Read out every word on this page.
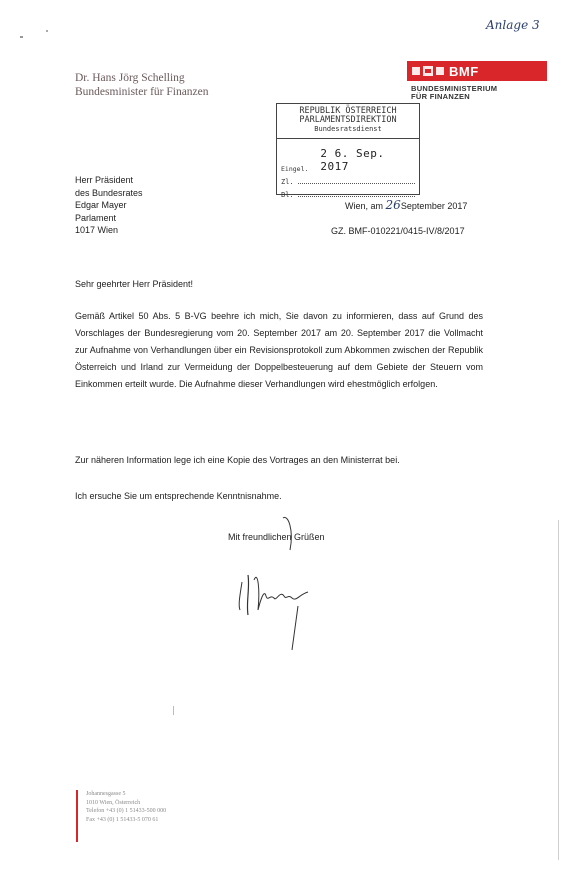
Anlage 3
Dr. Hans Jörg Schelling
Bundesminister für Finanzen
BMF
BUNDESMINISTERIUM
FÜR FINANZEN
REPUBLIK ÖSTERREICH
PARLAMENTSDIREKTION
Bundesratsdienst
Eingel.
2 6. Sep. 2017
Zl.
Bl.
Herr Präsident
des Bundesrates
Edgar Mayer
Parlament
1017 Wien
Wien, am 26September 2017
GZ. BMF-010221/0415-IV/8/2017
Sehr geehrter Herr Präsident!
Gemäß Artikel 50 Abs. 5 B-VG beehre ich mich, Sie davon zu informieren, dass auf Grund des Vorschlages der Bundesregierung vom 20. September 2017 am 20. September 2017 die Vollmacht zur Aufnahme von Verhandlungen über ein Revisionsprotokoll zum Abkommen zwischen der Republik Österreich und Irland zur Vermeidung der Doppelbesteuerung auf dem Gebiete der Steuern vom Einkommen erteilt wurde. Die Aufnahme dieser Verhandlungen wird ehestmöglich erfolgen.
Zur näheren Information lege ich eine Kopie des Vortrages an den Ministerrat bei.
Ich ersuche Sie um entsprechende Kenntnisnahme.
Mit freundlichen Grüßen
Johannesgasse 5
1010 Wien, Österreich
Telefon +43 (0) 1 51433-500 000
Fax +43 (0) 1 51433-5 070 61
